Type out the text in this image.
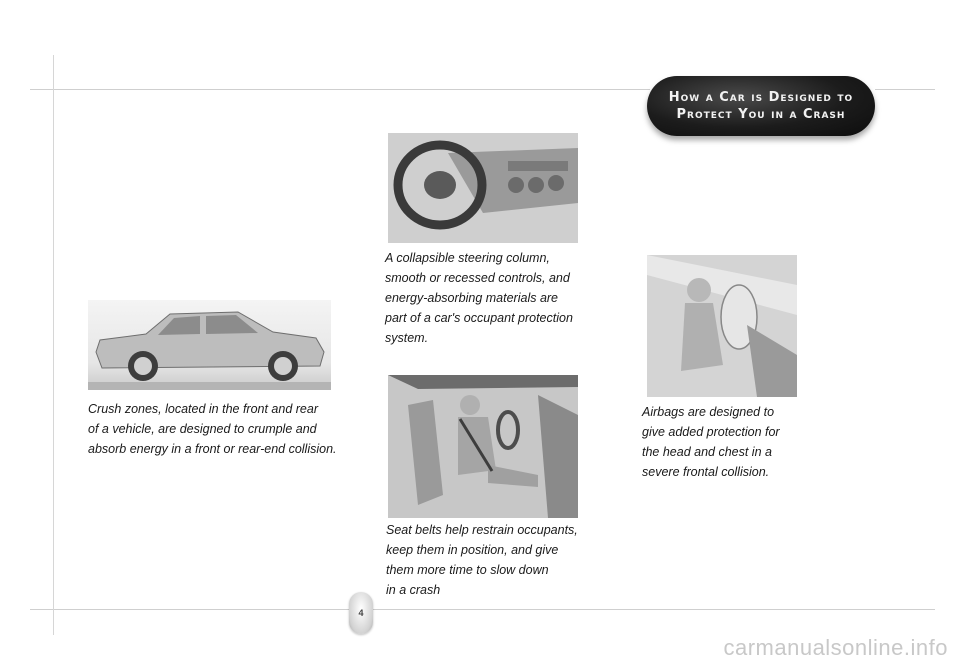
How a Car is Designed to
Protect You in a Crash
Crush zones, located in the front and rear
of a vehicle, are designed to crumple and
absorb energy in a front or rear-end collision.
A collapsible steering column,
smooth or recessed controls, and
energy-absorbing materials are
part of a car's occupant protection
system.
Seat belts help restrain occupants,
keep them in position, and give
them more time to slow down
in a crash
Airbags are designed to
give added protection for
the head and chest in a
severe frontal collision.
4
carmanualsonline.info
